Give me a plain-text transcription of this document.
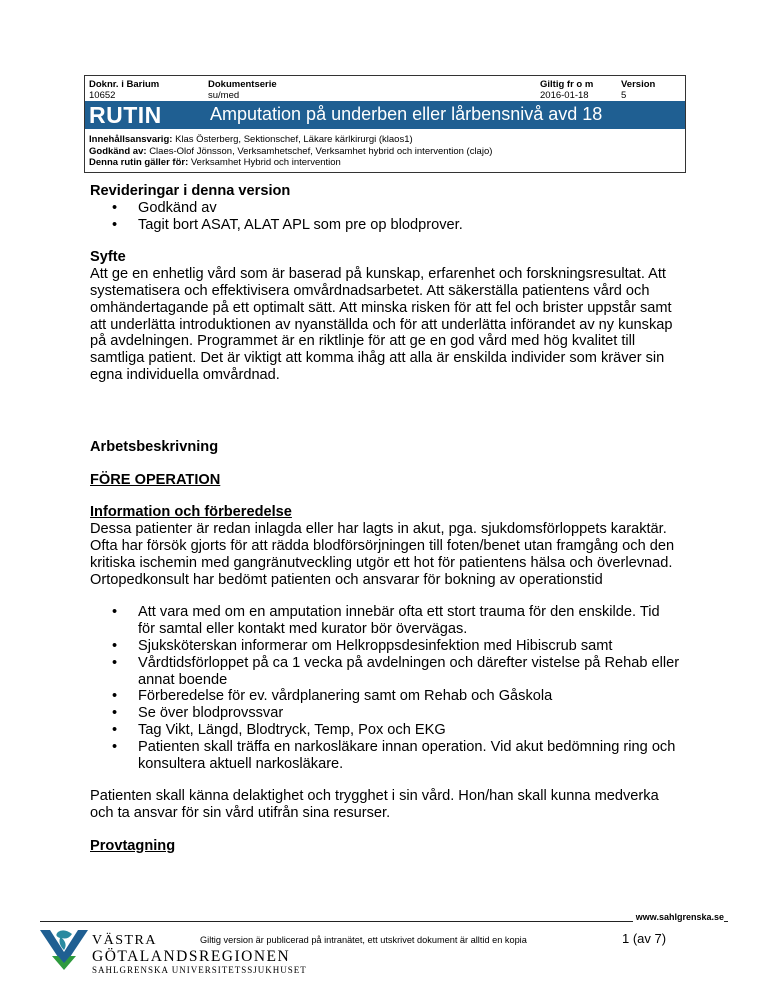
Doknr. i Barium
10652
Dokumentserie
su/med
Giltig fr o m
2016-01-18
Version
5
RUTIN	Amputation på underben eller lårbensnivå avd 18
Innehållsansvarig: Klas Österberg, Sektionschef, Läkare kärlkirurgi (klaos1)
Godkänd av: Claes-Olof Jönsson, Verksamhetschef, Verksamhet hybrid och intervention (clajo)
Denna rutin gäller för: Verksamhet Hybrid och intervention
Revideringar i denna version
• Godkänd av
• Tagit bort ASAT, ALAT APL som pre op blodprover.
Syfte

Att ge en enhetlig vård som är baserad på kunskap, erfarenhet och forskningsresultat. Att systematisera och effektivisera omvårdnadsarbetet. Att säkerställa patientens vård och omhändertagande på ett optimalt sätt. Att minska risken för att fel och brister uppstår samt att underlätta introduktionen av nyanställda och för att underlätta införandet av ny kunskap på avdelningen. Programmet är en riktlinje för att ge en god vård med hög kvalitet till samtliga patient. Det är viktigt att komma ihåg att alla är enskilda individer som kräver sin egna individuella omvårdnad.

Arbetsbeskrivning
FÖRE OPERATION
Information och förberedelse

Dessa patienter är redan inlagda eller har lagts in akut, pga. sjukdomsförloppets karaktär. Ofta har försök gjorts för att rädda blodförsörjningen till foten/benet utan framgång och den kritiska ischemin med gangränutveckling utgör ett hot för patientens hälsa och överlevnad.

Ortopedkonsult har bedömt patienten och ansvarar för bokning av operationstid

• Att vara med om en amputation innebär ofta ett stort trauma för den enskilde. Tid för samtal eller kontakt med kurator bör övervägas.
• Sjuksköterskan informerar om Helkroppsdesinfektion med Hibiscrub samt
• Vårdtidsförloppet på ca 1 vecka på avdelningen och därefter vistelse på Rehab eller annat boende
• Förberedelse för ev. vårdplanering samt om Rehab och Gåskola
• Se över blodprovssvar
• Tag Vikt, Längd, Blodtryck, Temp, Pox och EKG
• Patienten skall träffa en narkosläkare innan operation. Vid akut bedömning ring och konsultera aktuell narkosläkare.

Patienten skall känna delaktighet och trygghet i sin vård. Hon/han skall kunna medverka och ta ansvar för sin vård utifrån sina resurser.

Provtagning
www.sahlgrenska.se
VÄSTRA
GÖTALANDSREGIONEN
SAHLGRENSKA UNIVERSITETSSJUKHUSET
Giltig version är publicerad på intranätet, ett utskrivet dokument är alltid en kopia	1 (av 7)
